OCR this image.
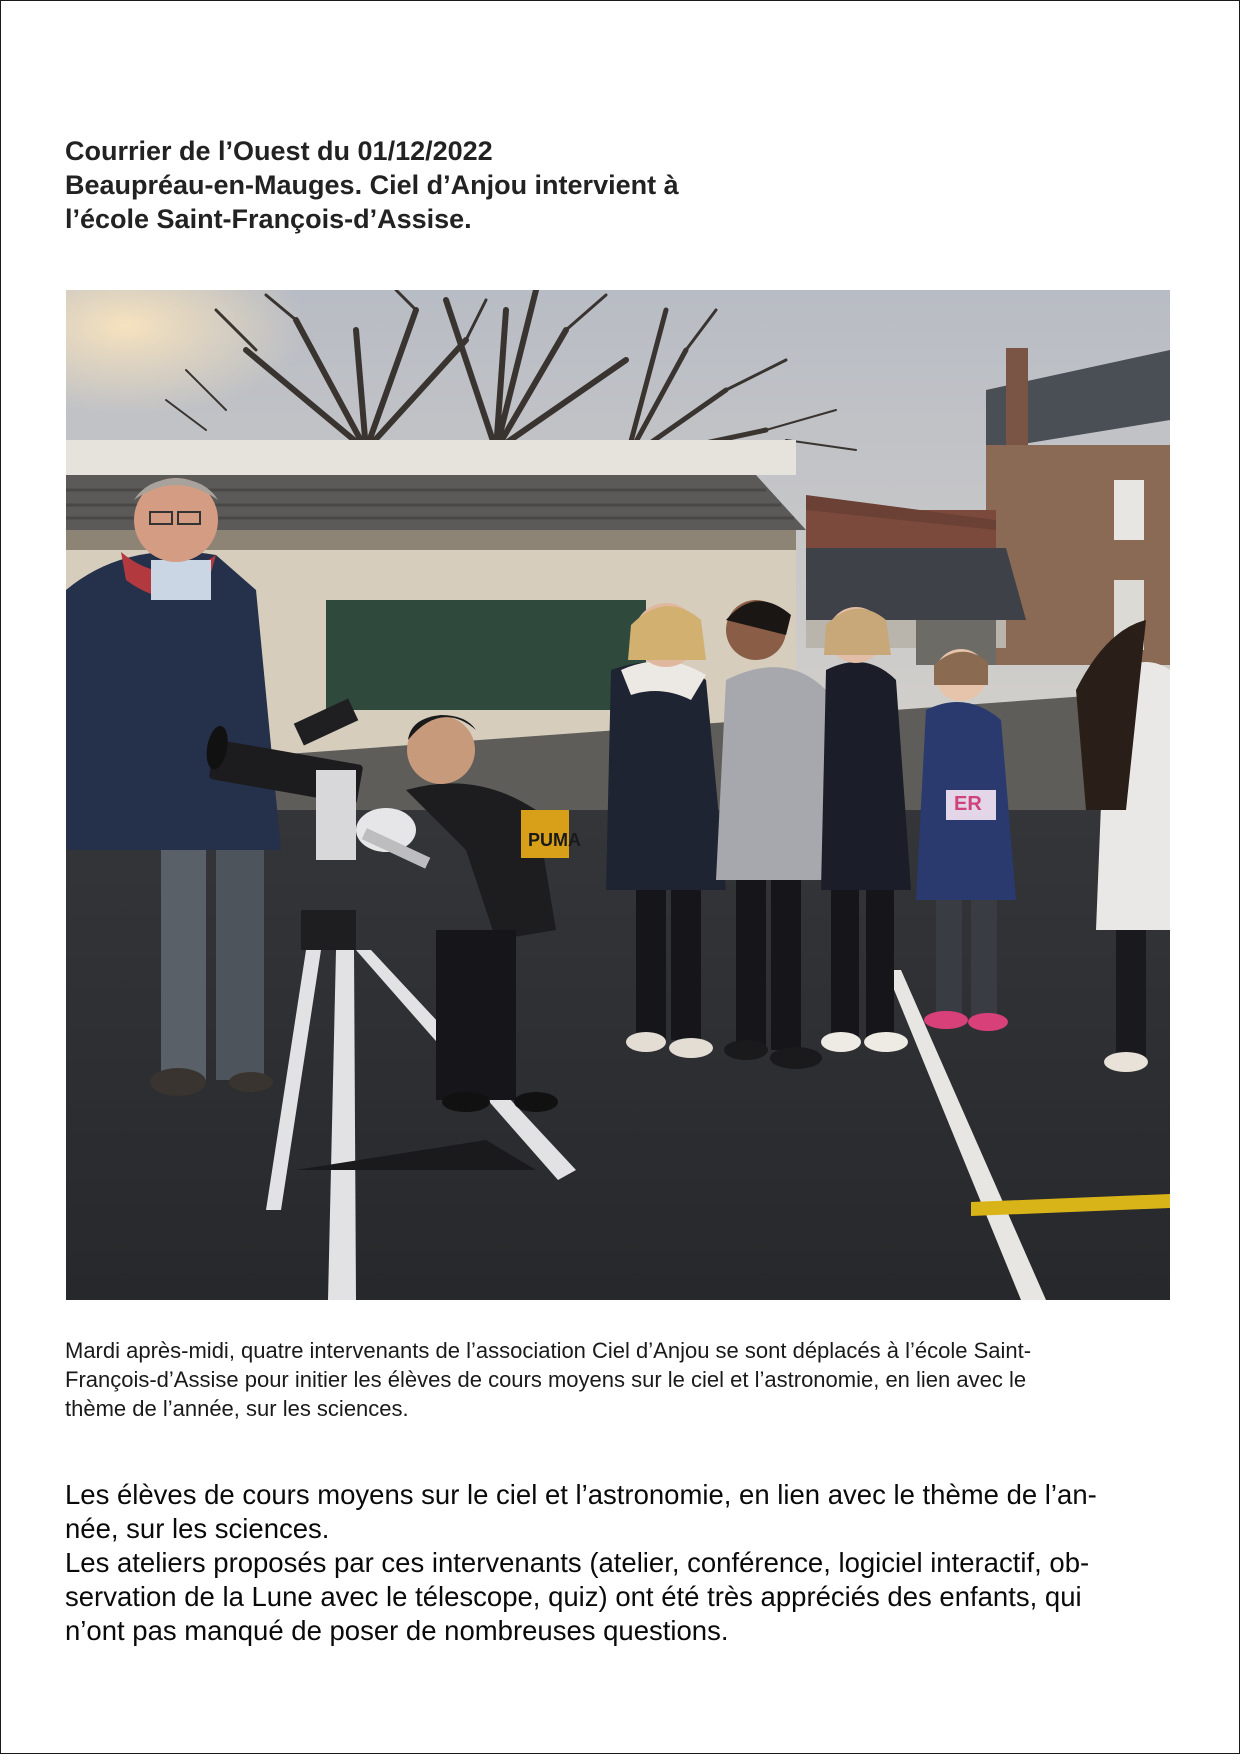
Courrier de l’Ouest du 01/12/2022
Beaupréau-en-Mauges. Ciel d’Anjou intervient à
l’école Saint-François-d’Assise.
PUMA
ER
Mardi après-midi, quatre intervenants de l’association Ciel d’Anjou se sont déplacés à l’école Saint-
François-d’Assise pour initier les élèves de cours moyens sur le ciel et l’astronomie, en lien avec le
thème de l’année, sur les sciences.

Les élèves de cours moyens sur le ciel et l’astronomie, en lien avec le thème de l’an-

née, sur les sciences.

Les ateliers proposés par ces intervenants (atelier, conférence, logiciel interactif, ob-

servation de la Lune avec le télescope, quiz) ont été très appréciés des enfants, qui

n’ont pas manqué de poser de nombreuses questions.
